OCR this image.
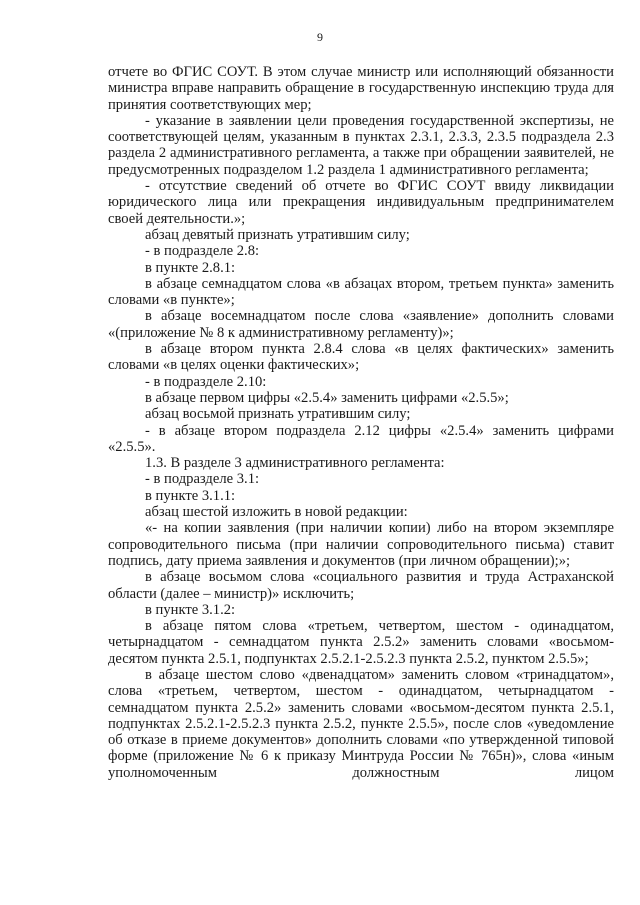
9

отчете во ФГИС СОУТ. В этом случае министр или исполняющий обязанности министра вправе направить обращение в государственную инспекцию труда для принятия соответствующих мер;

- указание в заявлении цели проведения государственной экспертизы, не соответствующей целям, указанным в пунктах 2.3.1, 2.3.3, 2.3.5 подраздела 2.3 раздела 2 административного регламента, а также при обращении заявителей, не предусмотренных подразделом 1.2 раздела 1 административного регламента;

- отсутствие сведений об отчете во ФГИС СОУТ ввиду ликвидации юридического лица или прекращения индивидуальным предпринимателем своей деятельности.»;

абзац девятый признать утратившим силу;

- в подразделе 2.8:

в пункте 2.8.1:

в абзаце семнадцатом слова «в абзацах втором, третьем пункта» заменить словами «в пункте»;

в абзаце восемнадцатом после слова «заявление» дополнить словами «(приложение № 8 к административному регламенту)»;

в абзаце втором пункта 2.8.4 слова «в целях фактических» заменить словами «в целях оценки фактических»;

- в подразделе 2.10:

в абзаце первом цифры «2.5.4» заменить цифрами «2.5.5»;

абзац восьмой признать утратившим силу;

- в абзаце втором подраздела 2.12 цифры «2.5.4» заменить цифрами «2.5.5».

1.3. В разделе 3 административного регламента:

- в подразделе 3.1:

в пункте 3.1.1:

абзац шестой изложить в новой редакции:

«- на копии заявления (при наличии копии) либо на втором экземпляре сопроводительного письма (при наличии сопроводительного письма) ставит подпись, дату приема заявления и документов (при личном обращении);»;

в абзаце восьмом слова «социального развития и труда Астраханской области (далее – министр)» исключить;

в пункте 3.1.2:

в абзаце пятом слова «третьем, четвертом, шестом - одинадцатом, четырнадцатом - семнадцатом пункта 2.5.2» заменить словами «восьмом-десятом пункта 2.5.1, подпунктах 2.5.2.1-2.5.2.3 пункта 2.5.2, пунктом 2.5.5»;

в абзаце шестом слово «двенадцатом» заменить словом «тринадцатом», слова «третьем, четвертом, шестом - одинадцатом, четырнадцатом - семнадцатом пункта 2.5.2» заменить словами «восьмом-десятом пункта 2.5.1, подпунктах 2.5.2.1-2.5.2.3 пункта 2.5.2, пункте 2.5.5», после слов «уведомление об отказе в приеме документов» дополнить словами «по утвержденной типовой форме (приложение № 6 к приказу Минтруда России № 765н)», слова «иным уполномоченным должностным лицом
